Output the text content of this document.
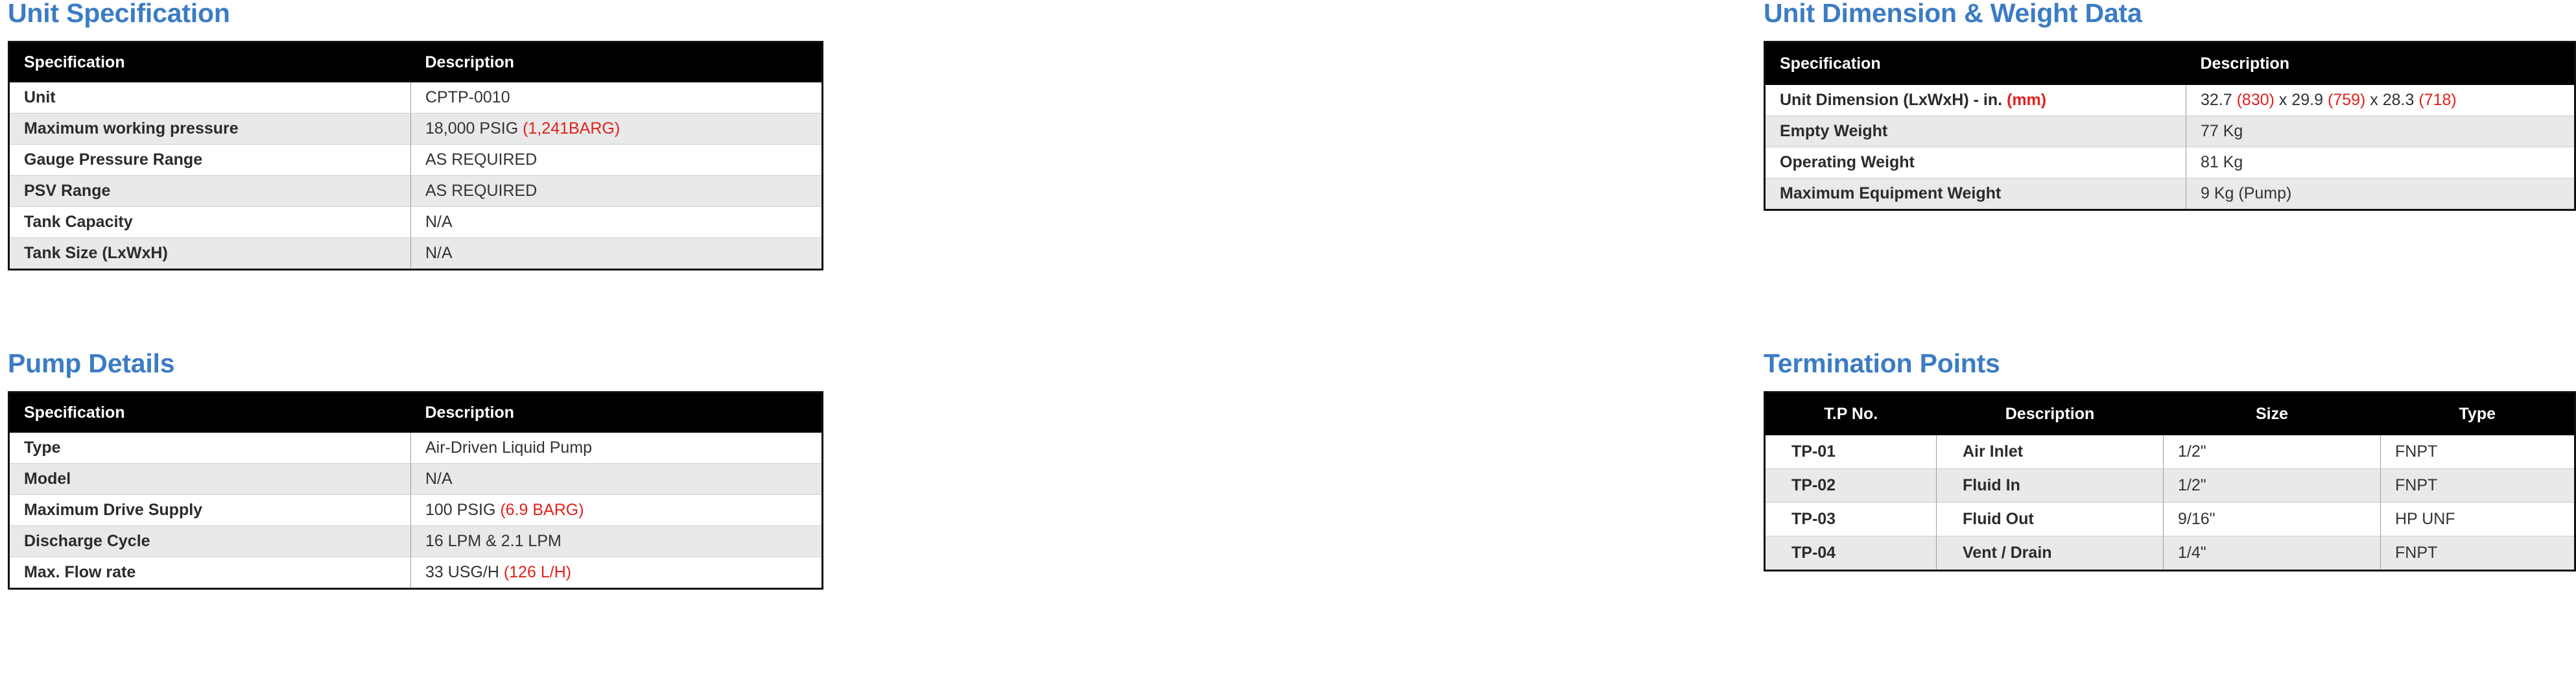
Unit Specification
Specification	Description
Unit	CPTP-0010
Maximum working pressure	18,000 PSIG (1,241BARG)
Gauge Pressure Range	AS REQUIRED
PSV Range	AS REQUIRED
Tank Capacity	N/A
Tank Size (LxWxH)	N/A
Unit Dimension & Weight Data
Specification	Description
Unit Dimension (LxWxH) - in. (mm)	32.7 (830) x 29.9 (759) x 28.3 (718)
Empty Weight	77 Kg
Operating Weight	81 Kg
Maximum Equipment Weight	9 Kg (Pump)
Pump Details
Specification	Description
Type	Air-Driven Liquid Pump
Model	N/A
Maximum Drive Supply	100 PSIG (6.9 BARG)
Discharge Cycle	16 LPM & 2.1 LPM
Max. Flow rate	33 USG/H (126 L/H)
Termination Points
T.P No.	Description	Size	Type
TP-01	Air Inlet	1/2"	FNPT
TP-02	Fluid In	1/2"	FNPT
TP-03	Fluid Out	9/16"	HP UNF
TP-04	Vent / Drain	1/4"	FNPT
